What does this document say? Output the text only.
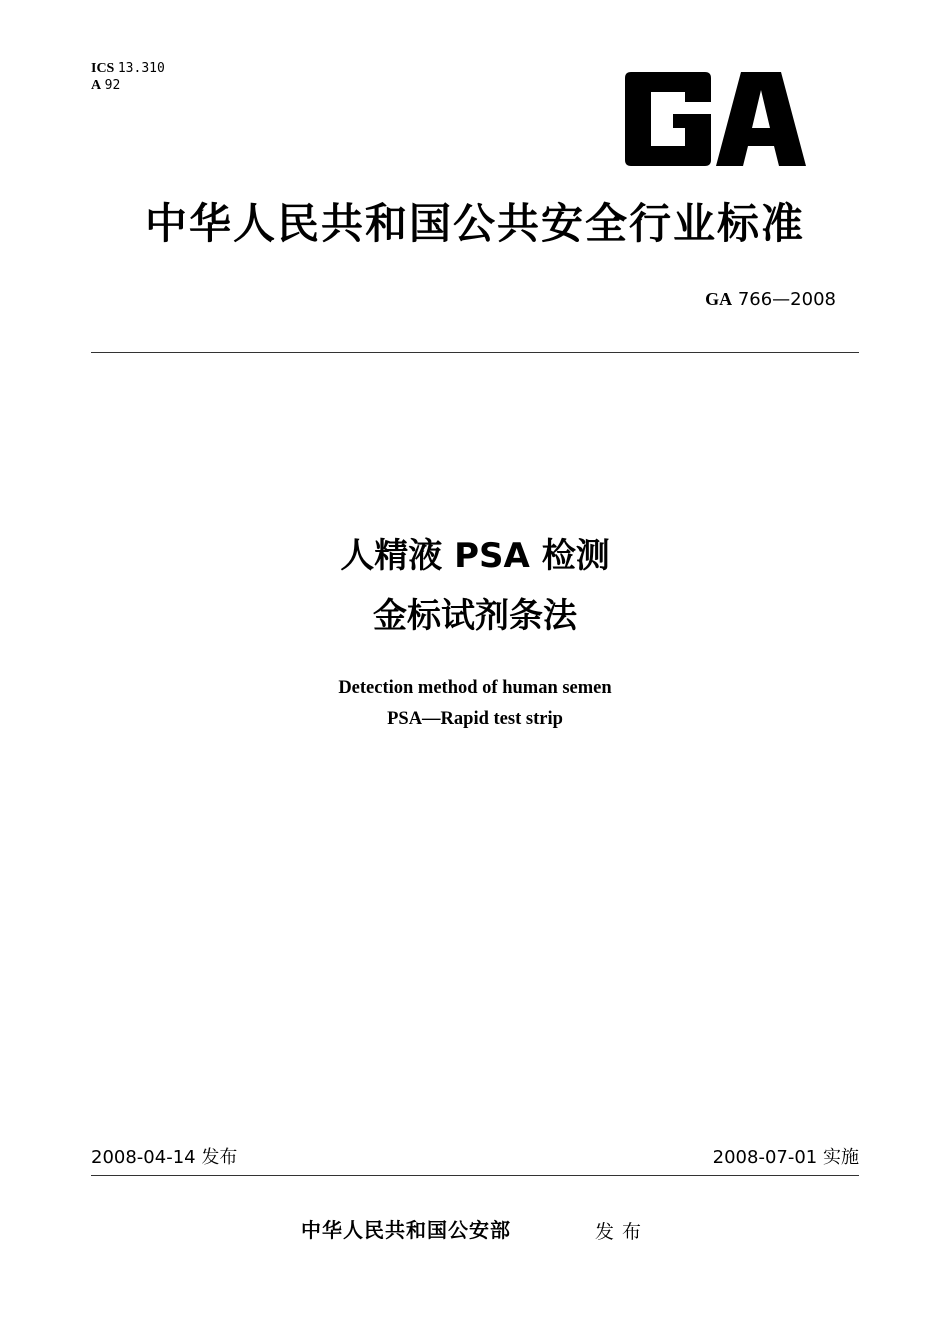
ICS 13.310
A 92
中华人民共和国公共安全行业标准
GA 766—2008
人精液 PSA 检测
金标试剂条法
Detection method of human semen
PSA—Rapid test strip
2008-04-14 发布	2008-07-01 实施
中华人民共和国公安部	发布
